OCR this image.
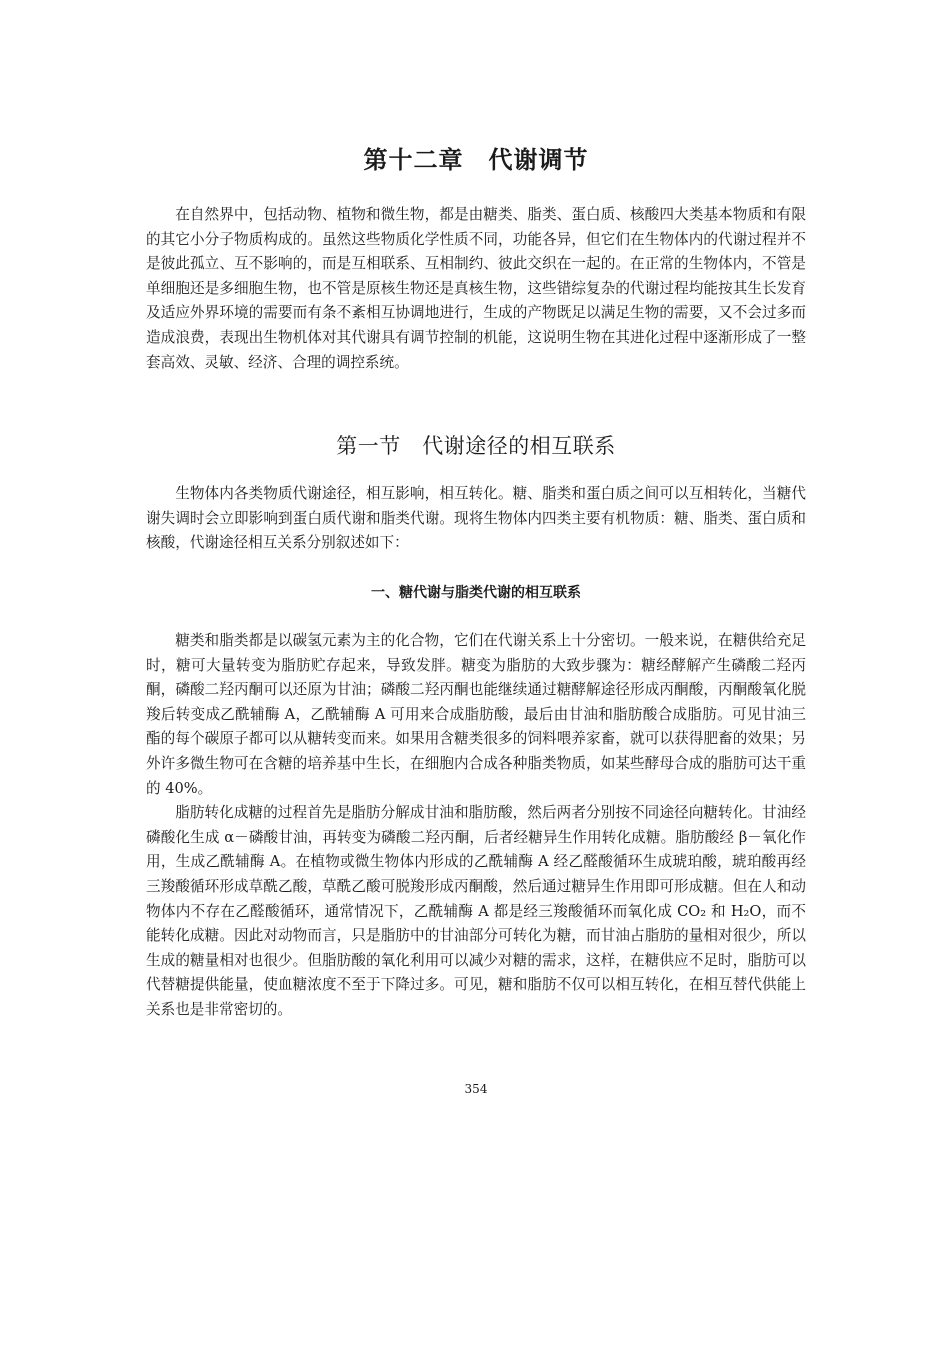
第十二章　代谢调节

在自然界中，包括动物、植物和微生物，都是由糖类、脂类、蛋白质、核酸四大类基本物质和有限的其它小分子物质构成的。虽然这些物质化学性质不同，功能各异，但它们在生物体内的代谢过程并不是彼此孤立、互不影响的，而是互相联系、互相制约、彼此交织在一起的。在正常的生物体内，不管是单细胞还是多细胞生物，也不管是原核生物还是真核生物，这些错综复杂的代谢过程均能按其生长发育及适应外界环境的需要而有条不紊相互协调地进行，生成的产物既足以满足生物的需要，又不会过多而造成浪费，表现出生物机体对其代谢具有调节控制的机能，这说明生物在其进化过程中逐渐形成了一整套高效、灵敏、经济、合理的调控系统。

第一节　代谢途径的相互联系

生物体内各类物质代谢途径，相互影响，相互转化。糖、脂类和蛋白质之间可以互相转化，当糖代谢失调时会立即影响到蛋白质代谢和脂类代谢。现将生物体内四类主要有机物质：糖、脂类、蛋白质和核酸，代谢途径相互关系分别叙述如下：

一、糖代谢与脂类代谢的相互联系

糖类和脂类都是以碳氢元素为主的化合物，它们在代谢关系上十分密切。一般来说，在糖供给充足时，糖可大量转变为脂肪贮存起来，导致发胖。糖变为脂肪的大致步骤为：糖经酵解产生磷酸二羟丙酮，磷酸二羟丙酮可以还原为甘油；磷酸二羟丙酮也能继续通过糖酵解途径形成丙酮酸，丙酮酸氧化脱羧后转变成乙酰辅酶 A，乙酰辅酶 A 可用来合成脂肪酸，最后由甘油和脂肪酸合成脂肪。可见甘油三酯的每个碳原子都可以从糖转变而来。如果用含糖类很多的饲料喂养家畜，就可以获得肥畜的效果；另外许多微生物可在含糖的培养基中生长，在细胞内合成各种脂类物质，如某些酵母合成的脂肪可达干重的 40%。

脂肪转化成糖的过程首先是脂肪分解成甘油和脂肪酸，然后两者分别按不同途径向糖转化。甘油经磷酸化生成 α－磷酸甘油，再转变为磷酸二羟丙酮，后者经糖异生作用转化成糖。脂肪酸经 β－氧化作用，生成乙酰辅酶 A。在植物或微生物体内形成的乙酰辅酶 A 经乙醛酸循环生成琥珀酸，琥珀酸再经三羧酸循环形成草酰乙酸，草酰乙酸可脱羧形成丙酮酸，然后通过糖异生作用即可形成糖。但在人和动物体内不存在乙醛酸循环，通常情况下，乙酰辅酶 A 都是经三羧酸循环而氧化成 CO₂ 和 H₂O，而不能转化成糖。因此对动物而言，只是脂肪中的甘油部分可转化为糖，而甘油占脂肪的量相对很少，所以生成的糖量相对也很少。但脂肪酸的氧化利用可以减少对糖的需求，这样，在糖供应不足时，脂肪可以代替糖提供能量，使血糖浓度不至于下降过多。可见，糖和脂肪不仅可以相互转化，在相互替代供能上关系也是非常密切的。

354
